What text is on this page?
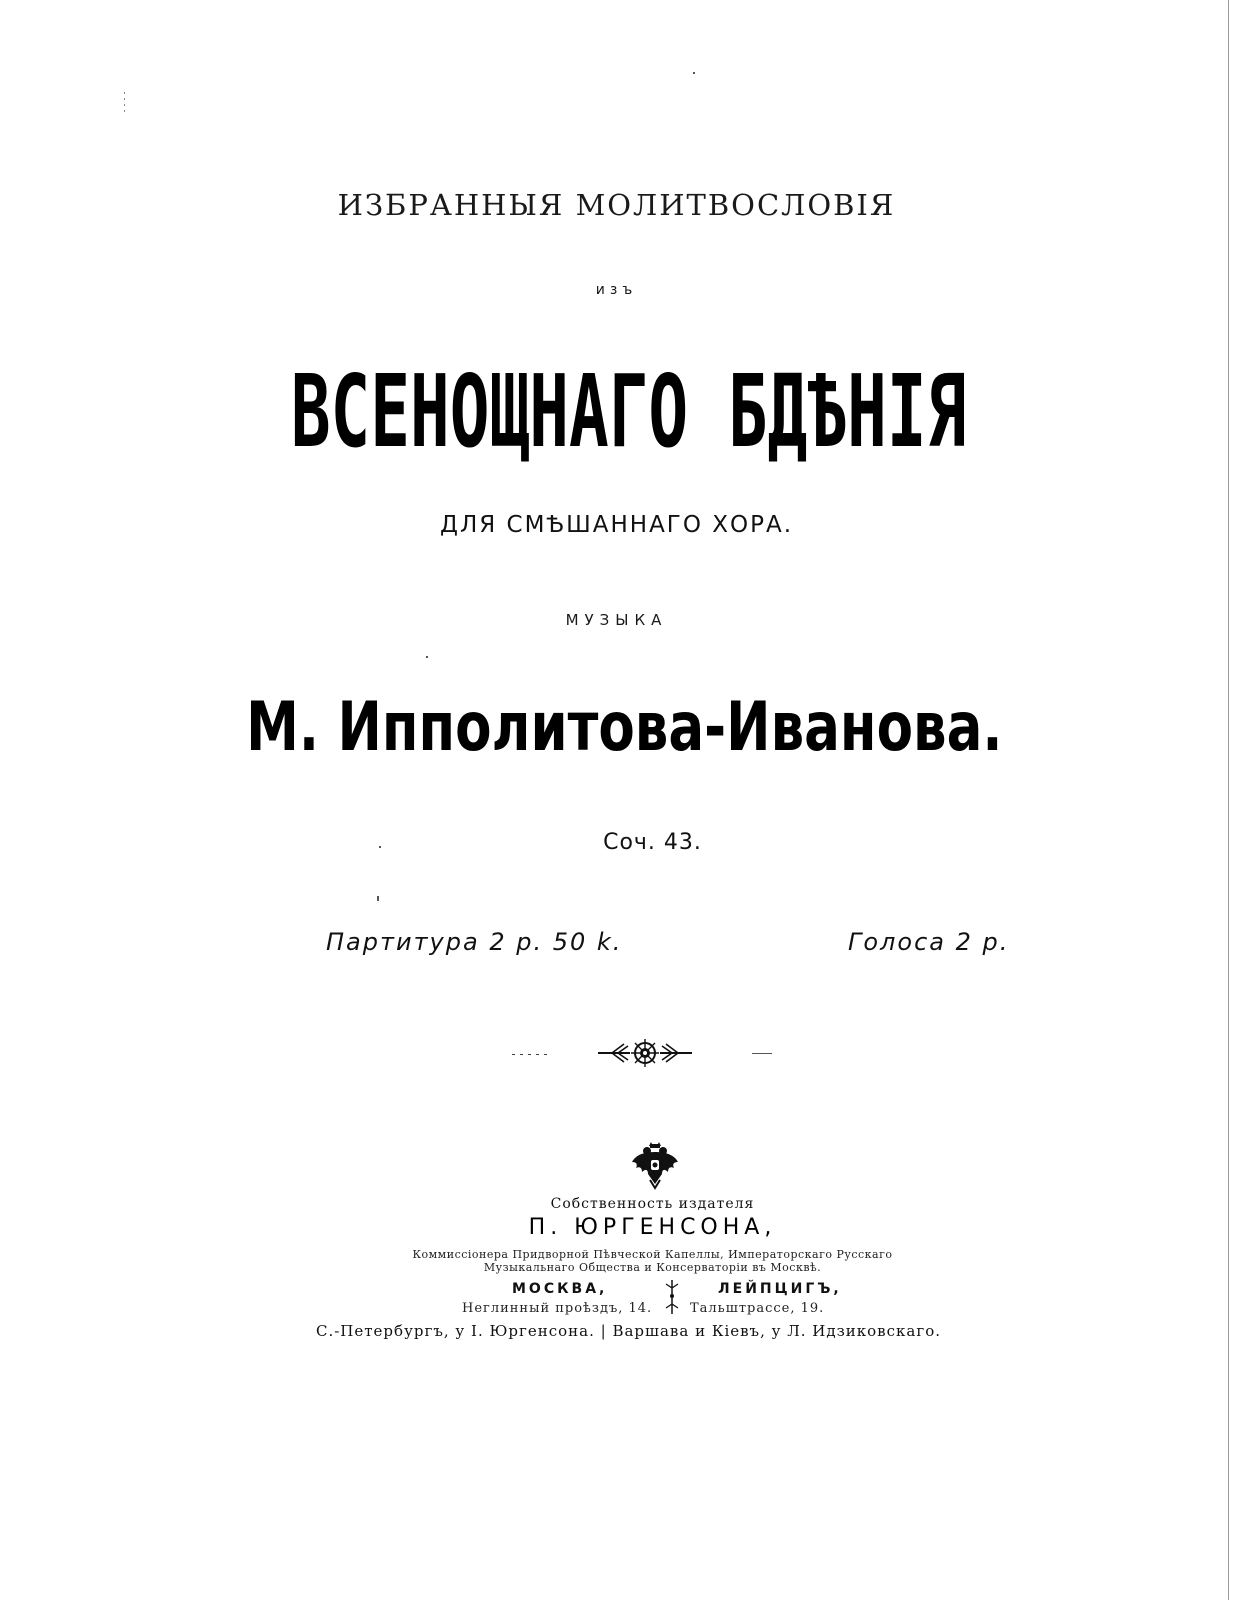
ИЗБРАННЫЯ МОЛИТВОСЛОВІЯ
изъ
ВСЕНОЩНАГО БДѢНІЯ
ДЛЯ СМѢШАННАГО ХОРА.
МУЗЫКА
М. Ипполитова-Иванова.
Соч. 43.
Партитура 2 р. 50 k.	Голоса 2 р.
Собственность издателя
П. ЮРГЕНСОНА,
Коммиссіонера Придворной Пѣвческой Капеллы, Императорскаго Русскаго
Музыкальнаго Общества и Консерваторіи въ Москвѣ.
МОСКВА,	ЛЕЙПЦИГЪ,
Неглинный проѣздъ, 14.	Тальштрассе, 19.
С.-Петербургъ, у І. Юргенсона. | Варшава и Кіевъ, у Л. Идзиковскаго.
